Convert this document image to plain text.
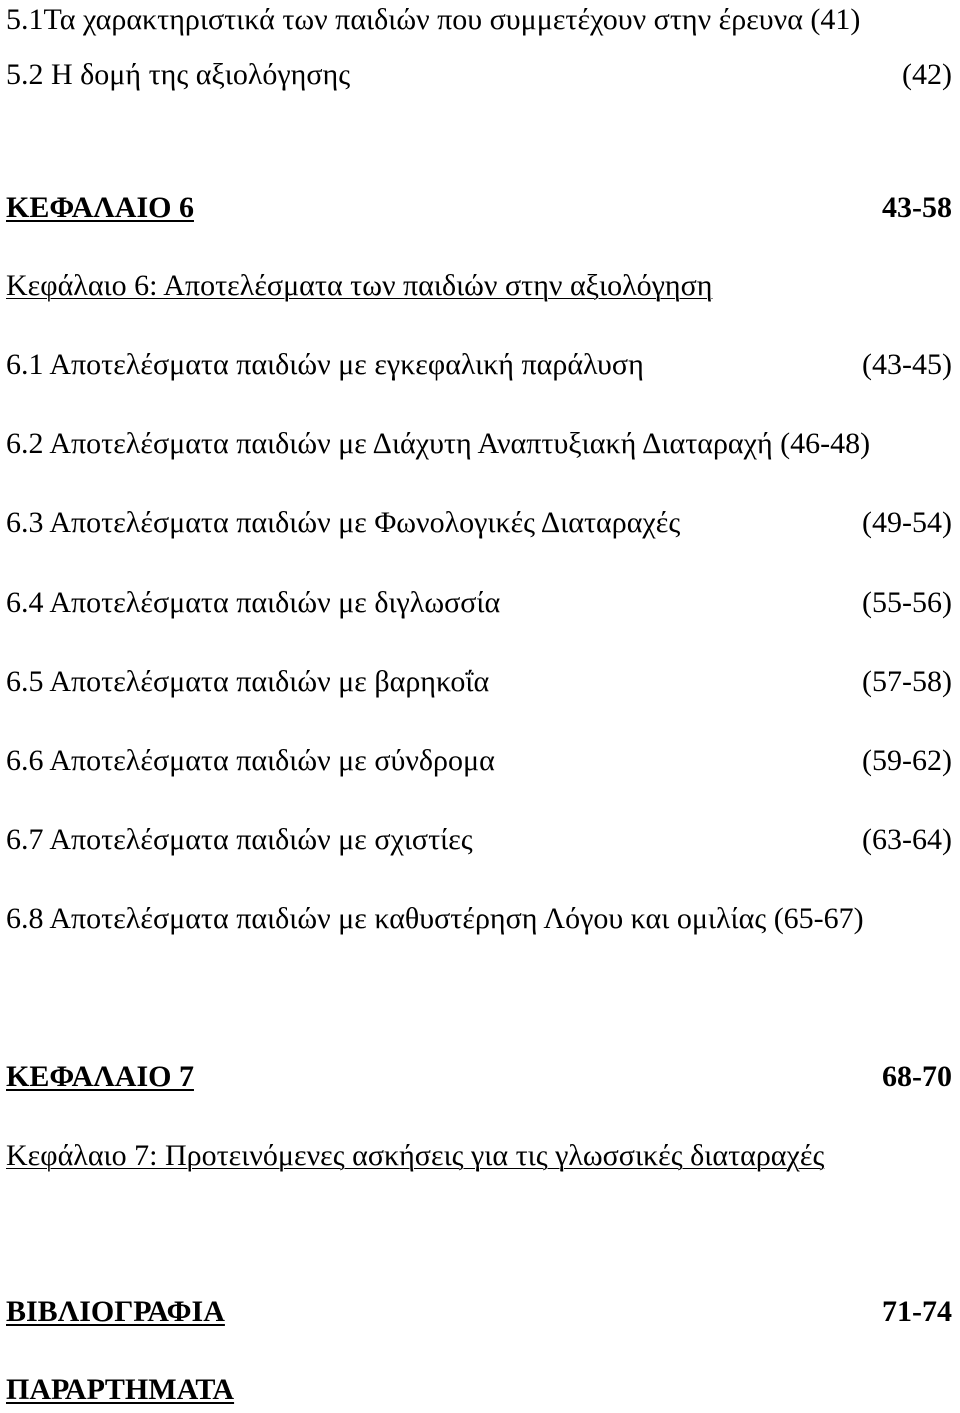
5.1Τα χαρακτηριστικά των παιδιών που συμμετέχουν στην έρευνα (41)
5.2 Η δομή της αξιολόγησης	(42)
ΚΕΦΑΛΑΙΟ 6	43-58
Κεφάλαιο 6: Αποτελέσματα των παιδιών στην αξιολόγηση
6.1 Αποτελέσματα παιδιών με εγκεφαλική παράλυση	(43-45)
6.2 Αποτελέσματα παιδιών με Διάχυτη Αναπτυξιακή Διαταραχή (46-48)
6.3 Αποτελέσματα παιδιών με Φωνολογικές Διαταραχές	(49-54)
6.4 Αποτελέσματα παιδιών με διγλωσσία	(55-56)
6.5 Αποτελέσματα παιδιών με βαρηκοΐα	(57-58)
6.6 Αποτελέσματα παιδιών με σύνδρομα	(59-62)
6.7 Αποτελέσματα παιδιών με σχιστίες	(63-64)
6.8 Αποτελέσματα παιδιών με καθυστέρηση Λόγου και ομιλίας (65-67)
ΚΕΦΑΛΑΙΟ 7	68-70
Κεφάλαιο 7: Προτεινόμενες ασκήσεις για τις γλωσσικές διαταραχές
ΒΙΒΛΙΟΓΡΑΦΙΑ	71-74
ΠΑΡΑΡΤΗΜΑΤΑ
